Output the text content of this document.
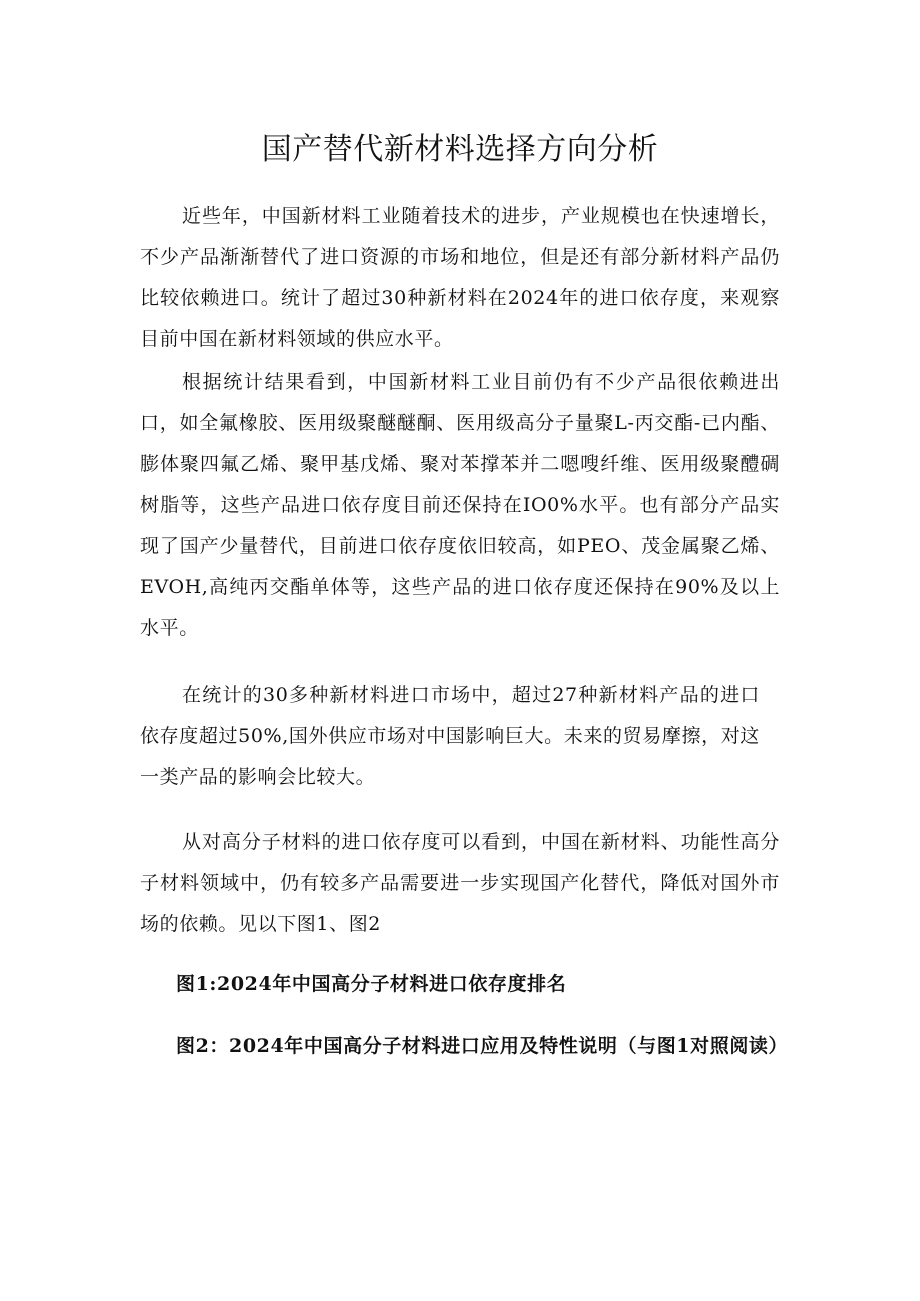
国产替代新材料选择方向分析

近些年，中国新材料工业随着技术的进步，产业规模也在快速增长，不少产品渐渐替代了进口资源的市场和地位，但是还有部分新材料产品仍比较依赖进口。统计了超过30种新材料在2024年的进口依存度，来观察目前中国在新材料领域的供应水平。

根据统计结果看到，中国新材料工业目前仍有不少产品很依赖进出口，如全氟橡胶、医用级聚醚醚酮、医用级高分子量聚L-丙交酯-已内酯、膨体聚四氟乙烯、聚甲基戊烯、聚对苯撑苯并二嗯嗖纤维、医用级聚醴碉树脂等，这些产品进口依存度目前还保持在IO0%水平。也有部分产品实现了国产少量替代，目前进口依存度依旧较高，如PEO、茂金属聚乙烯、EVOH,高纯丙交酯单体等，这些产品的进口依存度还保持在90%及以上水平。

在统计的30多种新材料进口市场中，超过27种新材料产品的进口依存度超过50%,国外供应市场对中国影响巨大。未来的贸易摩擦，对这一类产品的影响会比较大。

从对高分子材料的进口依存度可以看到，中国在新材料、功能性高分子材料领域中，仍有较多产品需要进一步实现国产化替代，降低对国外市场的依赖。见以下图1、图2

图1:2024年中国高分子材料进口依存度排名

图2：2024年中国高分子材料进口应用及特性说明（与图1对照阅读）
